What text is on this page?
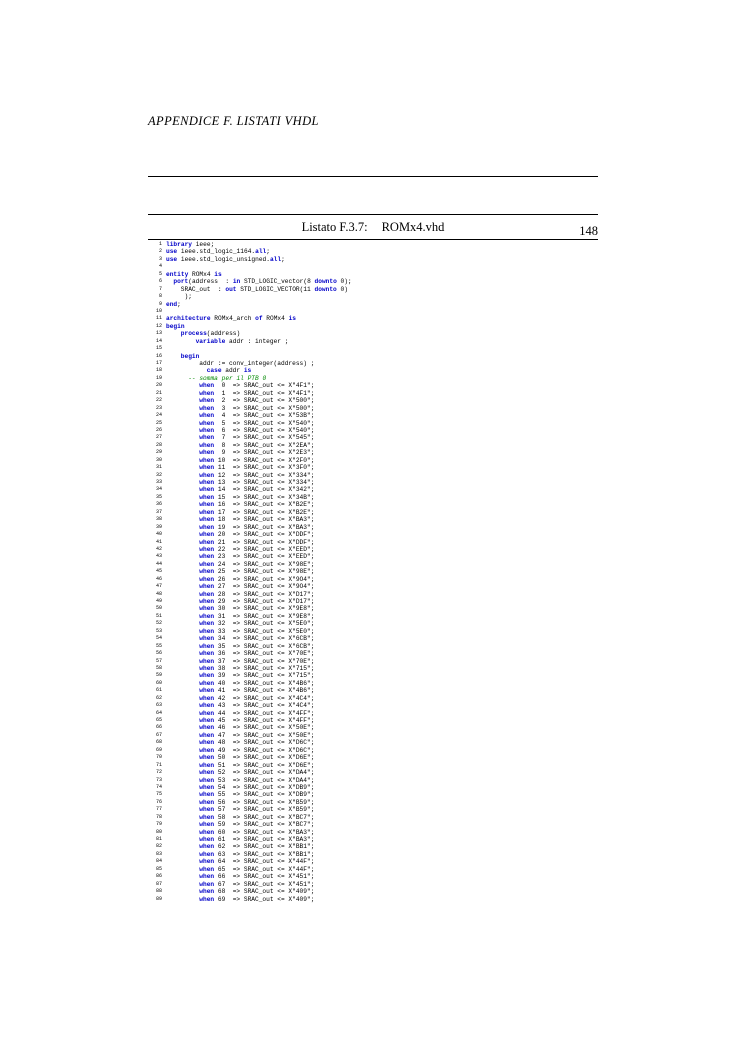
APPENDICE F. LISTATI VHDL
148
Listato F.3.7: ROMx4.vhd
1 library ieee;
2 use ieee.std_logic_1164.all;
3 use ieee.std_logic_unsigned.all;
4
5 entity ROMx4 is
6 port(address  : in STD_LOGIC_vector(8 downto 0);
7	SRAC_out  : out STD_LOGIC_VECTOR(11 downto 0)
8	);
9 end;
10
11 architecture ROMx4_arch of ROMx4 is
12 begin
13	process(address)
14	variable addr : integer ;
15
16	begin
17	addr := conv_integer(address) ;
18	case addr is
19	-- somma per il PTB 0
20	when  0  => SRAC_out <= X"4F1";
21	when  1  => SRAC_out <= X"4F1";
22	when  2  => SRAC_out <= X"500";
23	when  3  => SRAC_out <= X"500";
24	when  4  => SRAC_out <= X"53B";
25	when  5  => SRAC_out <= X"540";
26	when  6  => SRAC_out <= X"540";
27	when  7  => SRAC_out <= X"545";
28	when  8  => SRAC_out <= X"2EA";
29	when  9  => SRAC_out <= X"2E3";
30	when 10  => SRAC_out <= X"2F0";
31	when 11  => SRAC_out <= X"3F0";
32	when 12  => SRAC_out <= X"334";
33	when 13  => SRAC_out <= X"334";
34	when 14  => SRAC_out <= X"342";
35	when 15  => SRAC_out <= X"34B";
36	when 16  => SRAC_out <= X"B2E";
37	when 17  => SRAC_out <= X"B2E";
38	when 18  => SRAC_out <= X"BA3";
39	when 19  => SRAC_out <= X"BA3";
40	when 20  => SRAC_out <= X"DDF";
41	when 21  => SRAC_out <= X"DDF";
42	when 22  => SRAC_out <= X"EED";
43	when 23  => SRAC_out <= X"EED";
44	when 24  => SRAC_out <= X"98E";
45	when 25  => SRAC_out <= X"98E";
46	when 26  => SRAC_out <= X"9O4";
47	when 27  => SRAC_out <= X"9O4";
48	when 28  => SRAC_out <= X"D17";
49	when 29  => SRAC_out <= X"D17";
50	when 30  => SRAC_out <= X"9E8";
51	when 31  => SRAC_out <= X"9E8";
52	when 32  => SRAC_out <= X"5E0";
53	when 33  => SRAC_out <= X"5E0";
54	when 34  => SRAC_out <= X"6CB";
55	when 35  => SRAC_out <= X"6CB";
56	when 36  => SRAC_out <= X"70E";
57	when 37  => SRAC_out <= X"70E";
58	when 38  => SRAC_out <= X"715";
59	when 39  => SRAC_out <= X"715";
60	when 40  => SRAC_out <= X"4B6";
61	when 41  => SRAC_out <= X"4B6";
62	when 42  => SRAC_out <= X"4C4";
63	when 43  => SRAC_out <= X"4C4";
64	when 44  => SRAC_out <= X"4FF";
65	when 45  => SRAC_out <= X"4FF";
66	when 46  => SRAC_out <= X"50E";
67	when 47  => SRAC_out <= X"50E";
68	when 48  => SRAC_out <= X"D6C";
69	when 49  => SRAC_out <= X"D6C";
70	when 50  => SRAC_out <= X"D6E";
71	when 51  => SRAC_out <= X"D6E";
72	when 52  => SRAC_out <= X"DA4";
73	when 53  => SRAC_out <= X"DA4";
74	when 54  => SRAC_out <= X"DB9";
75	when 55  => SRAC_out <= X"DB9";
76	when 56  => SRAC_out <= X"B59";
77	when 57  => SRAC_out <= X"B59";
78	when 58  => SRAC_out <= X"BC7";
79	when 59  => SRAC_out <= X"BC7";
80	when 60  => SRAC_out <= X"BA3";
81	when 61  => SRAC_out <= X"BA3";
82	when 62  => SRAC_out <= X"BB1";
83	when 63  => SRAC_out <= X"BB1";
84	when 64  => SRAC_out <= X"44F";
85	when 65  => SRAC_out <= X"44F";
86	when 66  => SRAC_out <= X"451";
87	when 67  => SRAC_out <= X"451";
88	when 68  => SRAC_out <= X"409";
89	when 69  => SRAC_out <= X"409";
